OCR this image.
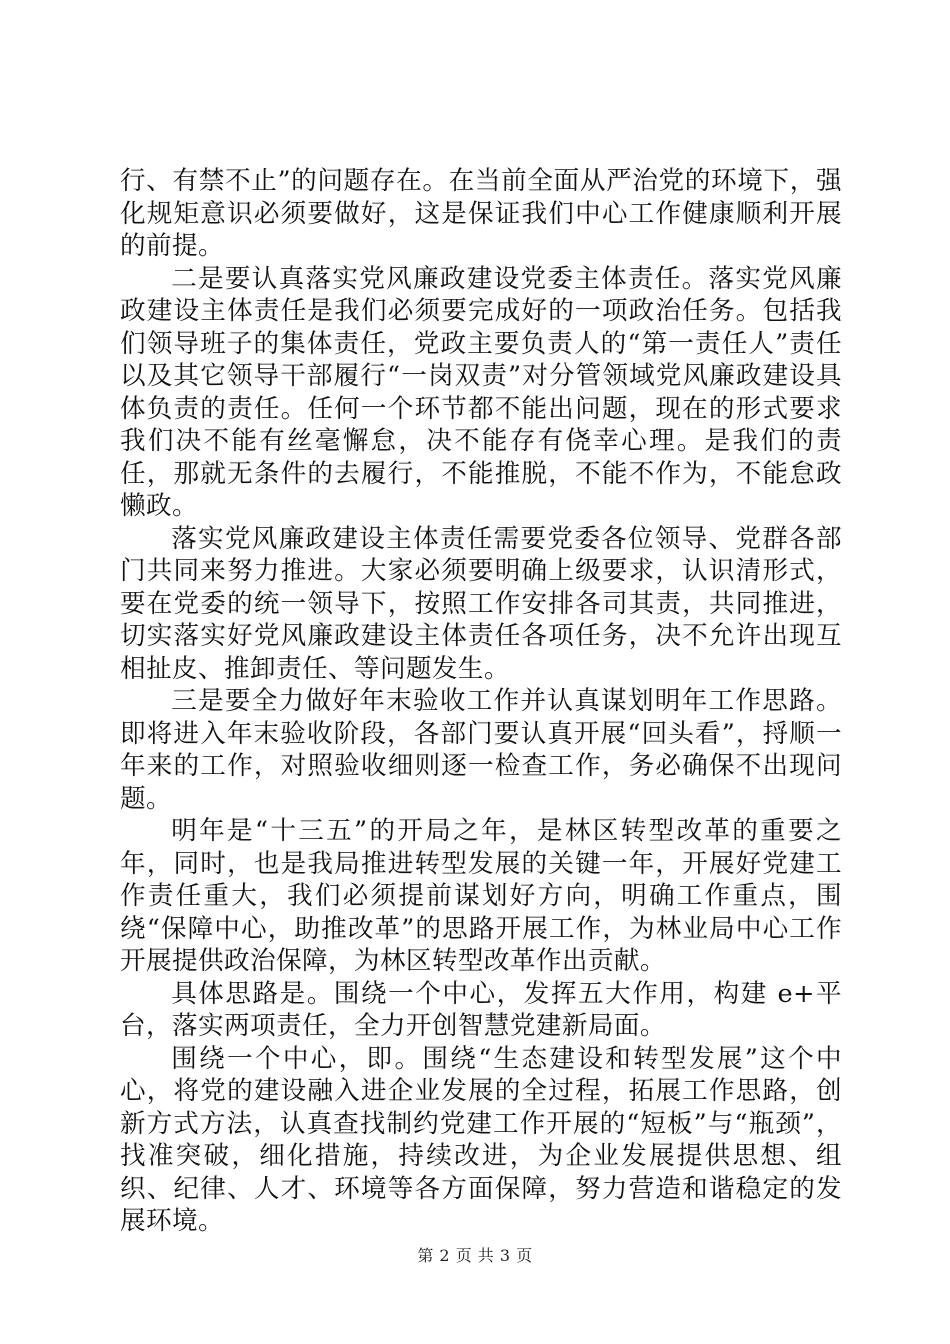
行、有禁不止”的问题存在。在当前全面从严治党的环境下，强化规矩意识必须要做好，这是保证我们中心工作健康顺利开展的前提。

二是要认真落实党风廉政建设党委主体责任。落实党风廉政建设主体责任是我们必须要完成好的一项政治任务。包括我们领导班子的集体责任，党政主要负责人的“第一责任人”责任以及其它领导干部履行“一岗双责”对分管领域党风廉政建设具体负责的责任。任何一个环节都不能出问题，现在的形式要求我们决不能有丝毫懈怠，决不能存有侥幸心理。是我们的责任，那就无条件的去履行，不能推脱，不能不作为，不能怠政懒政。

落实党风廉政建设主体责任需要党委各位领导、党群各部门共同来努力推进。大家必须要明确上级要求，认识清形式，要在党委的统一领导下，按照工作安排各司其责，共同推进，切实落实好党风廉政建设主体责任各项任务，决不允许出现互相扯皮、推卸责任、等问题发生。

三是要全力做好年末验收工作并认真谋划明年工作思路。即将进入年末验收阶段，各部门要认真开展“回头看”，捋顺一年来的工作，对照验收细则逐一检查工作，务必确保不出现问题。

明年是“十三五”的开局之年，是林区转型改革的重要之年，同时，也是我局推进转型发展的关键一年，开展好党建工作责任重大，我们必须提前谋划好方向，明确工作重点，围绕“保障中心，助推改革”的思路开展工作，为林业局中心工作开展提供政治保障，为林区转型改革作出贡献。

具体思路是。围绕一个中心，发挥五大作用，构建 e+平台，落实两项责任，全力开创智慧党建新局面。

围绕一个中心，即。围绕“生态建设和转型发展”这个中心，将党的建设融入进企业发展的全过程，拓展工作思路，创新方式方法，认真查找制约党建工作开展的“短板”与“瓶颈”，找准突破，细化措施，持续改进，为企业发展提供思想、组织、纪律、人才、环境等各方面保障，努力营造和谐稳定的发展环境。

第 2 页 共 3 页
